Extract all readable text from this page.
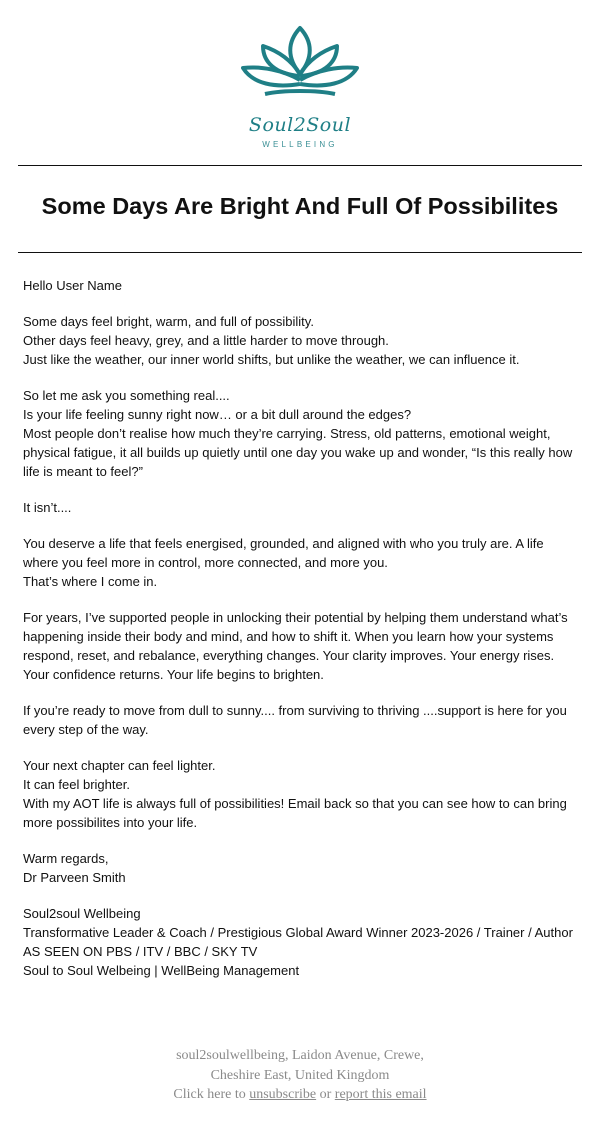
Soul2Soul
WELLBEING
Some Days Are Bright And Full Of Possibilites

Hello User Name

Some days feel bright, warm, and full of possibility.
Other days feel heavy, grey, and a little harder to move through.
Just like the weather, our inner world shifts, but unlike the weather, we can influence it.

So let me ask you something real....
Is your life feeling sunny right now… or a bit dull around the edges?
Most people don’t realise how much they’re carrying. Stress, old patterns, emotional weight, physical fatigue, it all builds up quietly until one day you wake up and wonder, “Is this really how life is meant to feel?”

It isn’t....

You deserve a life that feels energised, grounded, and aligned with who you truly are. A life where you feel more in control, more connected, and more you.
That’s where I come in.

For years, I’ve supported people in unlocking their potential by helping them understand what’s happening inside their body and mind, and how to shift it. When you learn how your systems respond, reset, and rebalance, everything changes. Your clarity improves. Your energy rises. Your confidence returns. Your life begins to brighten.

If you’re ready to move from dull to sunny.... from surviving to thriving ....support is here for you every step of the way.

Your next chapter can feel lighter.
It can feel brighter.
With my AOT life is always full of possibilities! Email back so that you can see how to can bring more possibilites into your life.

Warm regards,
Dr Parveen Smith

Soul2soul Wellbeing
Transformative Leader & Coach / Prestigious Global Award Winner 2023-2026 / Trainer / Author
AS SEEN ON PBS / ITV / BBC / SKY TV
Soul to Soul Welbeing | WellBeing Management

soul2soulwellbeing, Laidon Avenue, Crewe,
Cheshire East, United Kingdom
Click here to unsubscribe or report this email
